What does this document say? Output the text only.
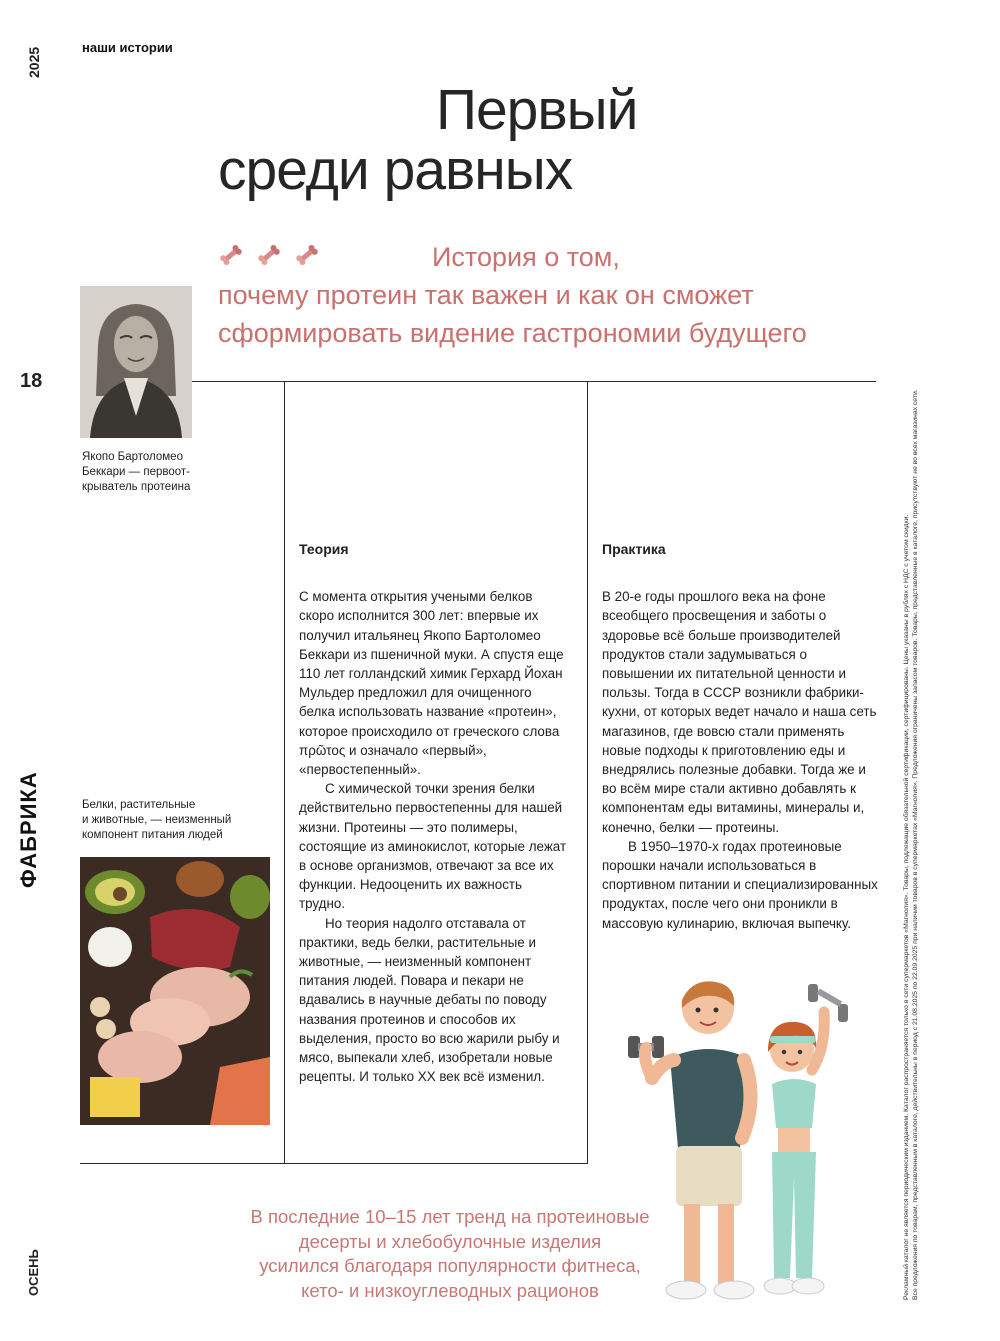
2025
18
ФАБРИКА
ОСЕНЬ
наши истории
Первый
среди равных
История о том,
почему протеин так важен и как он сможет
сформировать видение гастрономии будущего
Якопо Бартоломео
Беккари — первоот-
крыватель протеина
Белки, растительные
и животные, — неизменный
компонент питания людей
Теория

С момента открытия учеными белков скоро исполнится 300 лет: впервые их получил итальянец Якопо Бартоломео Беккари из пшеничной муки. А спустя еще 110 лет голландский химик Герхард Йохан Мульдер предложил для очищенного белка использовать название «протеин», которое происходило от греческого слова πρῶτος и означало «первый», «первостепенный».

С химической точки зрения белки действительно первостепенны для нашей жизни. Протеины — это полимеры, состоящие из аминокислот, которые лежат в основе организмов, отвечают за все их функции. Недооценить их важность трудно.

Но теория надолго отставала от практики, ведь белки, растительные и животные, — неизменный компонент питания людей. Повара и пекари не вдавались в научные дебаты по поводу названия протеинов и способов их выделения, просто во всю жарили рыбу и мясо, выпекали хлеб, изобретали новые рецепты. И только XX век всё изменил.

Практика

В 20-е годы прошлого века на фоне всеобщего просвещения и заботы о здоровье всё больше производителей продуктов стали задумываться о повышении их питательной ценности и пользы. Тогда в СССР возникли фабрики-кухни, от которых ведет начало и наша сеть магазинов, где вовсю стали применять новые подходы к приготовлению еды и внедрялись полезные добавки. Тогда же и во всём мире стали активно добавлять к компонентам еды витамины, минералы и, конечно, белки — протеины.

В 1950–1970-х годах протеиновые порошки начали использоваться в спортивном питании и специализированных продуктах, после чего они проникли в массовую кулинарию, включая выпечку.

В последние 10–15 лет тренд на протеиновые
десерты и хлебобулочные изделия
усилился благодаря популярности фитнеса,
кето- и низкоуглеводных рационов	Рекламный каталог не является периодическим изданием. Каталог распространяется только в сети супермаркетов «Магнолия». Товары, подлежащие обязательной сертификации, сертифицированы. Цены указаны в рублях с НДС с учетом скидки. Все предложения по товарам, представленным в каталоге, действительны в период с 21.08.2025 по 22.09.2025 при наличии товаров в супермаркетах «Магнолия». Предложения ограничены запасом товаров. Товары, представленные в каталоге, присутствуют не во всех магазинах сети.
